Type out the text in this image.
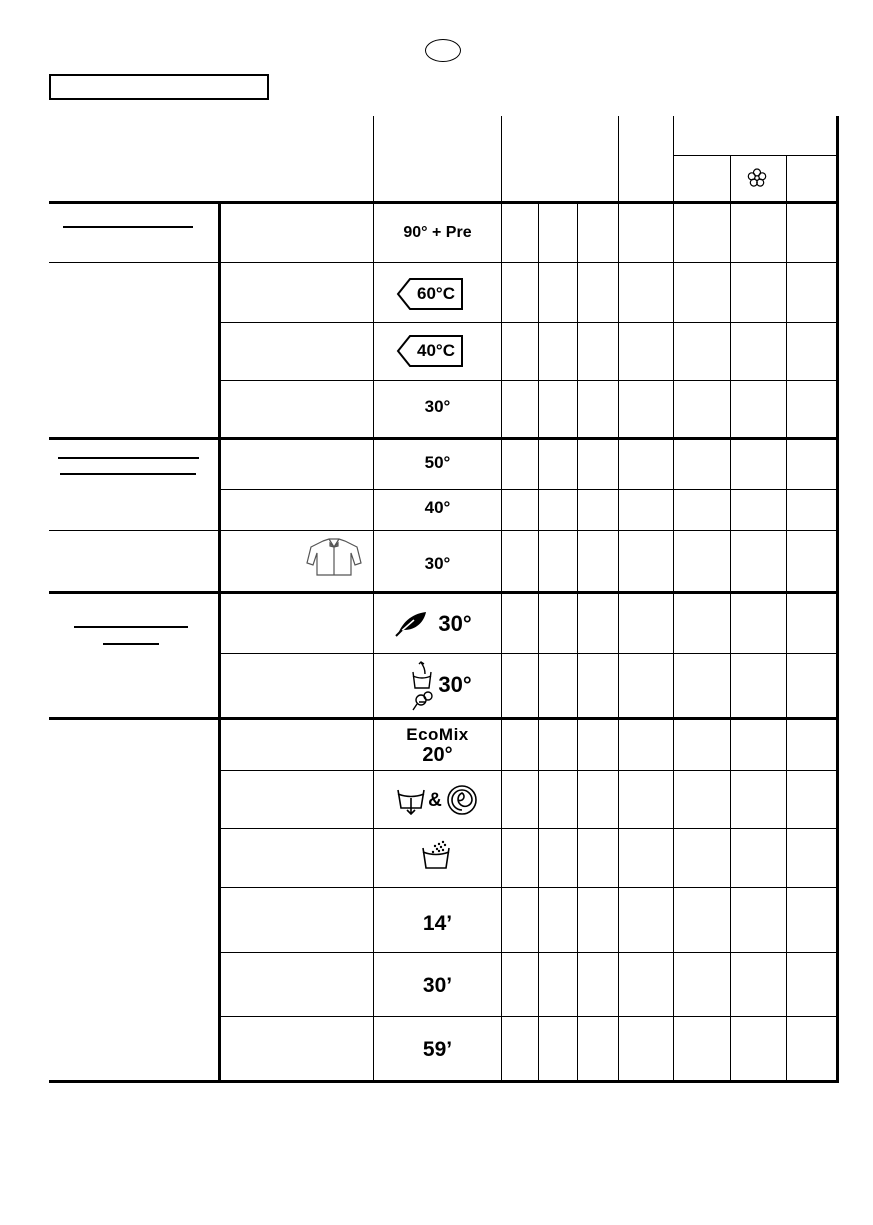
90° + Pre
60°C
40°C
30°
50°
40°
30°
30°
30°
EcoMix
20°
&
14’
30’
59’
